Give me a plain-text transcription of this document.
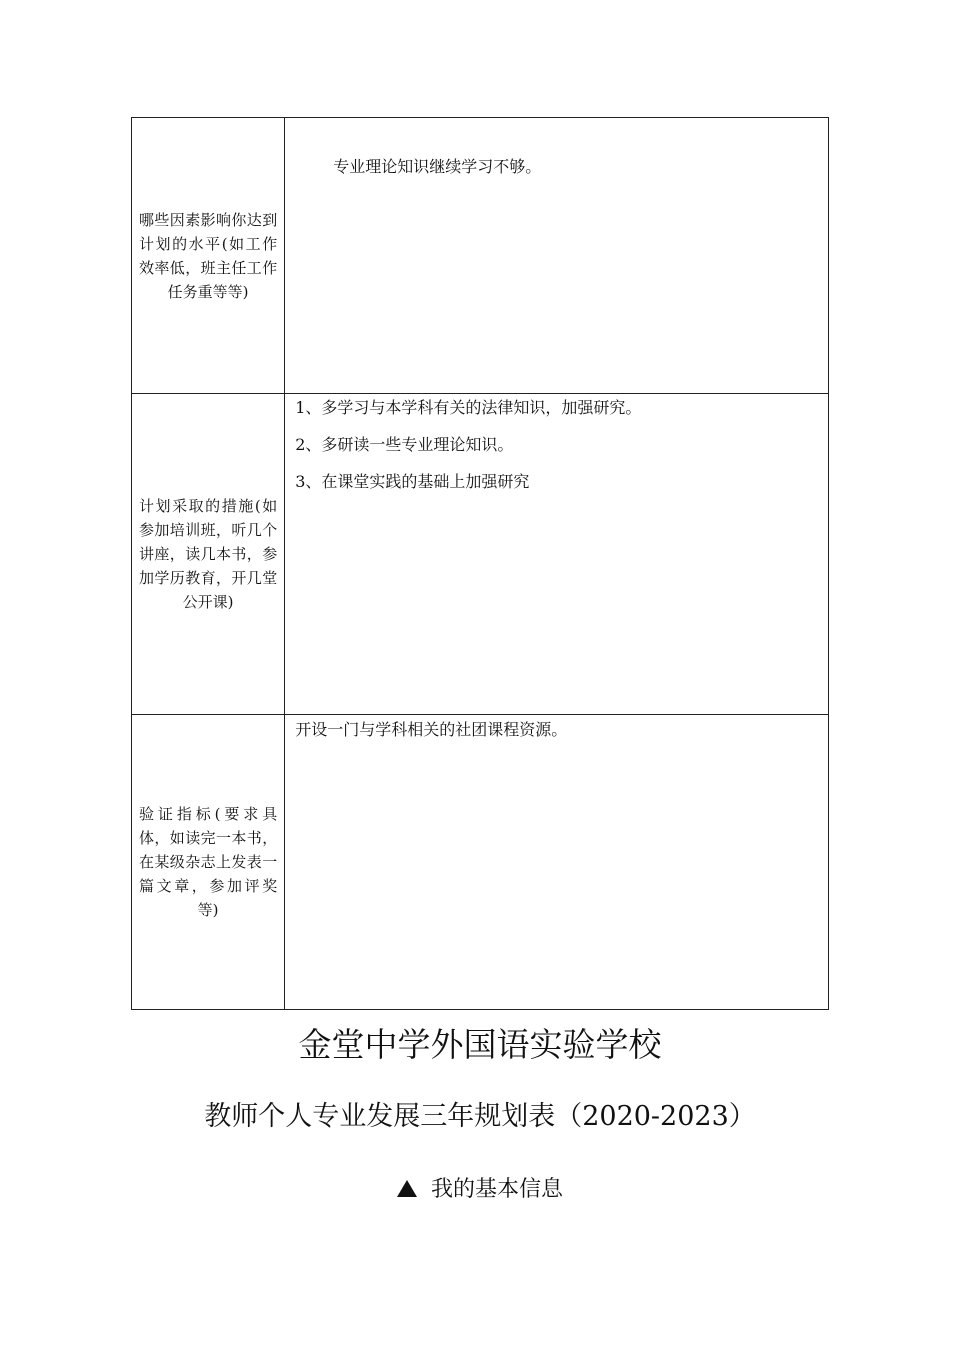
哪些因素影响你达到计划的水平(如工作效率低，班主任工作任务重等等)	专业理论知识继续学习不够。

计划采取的措施(如参加培训班，听几个讲座，读几本书，参加学历教育，开几堂公开课)	1、多学习与本学科有关的法律知识，加强研究。
2、多研读一些专业理论知识。
3、在课堂实践的基础上加强研究

验证指标(要求具体，如读完一本书，在某级杂志上发表一篇文章，参加评奖等)	开设一门与学科相关的社团课程资源。
金堂中学外国语实验学校
教师个人专业发展三年规划表（2020-2023）
我的基本信息
